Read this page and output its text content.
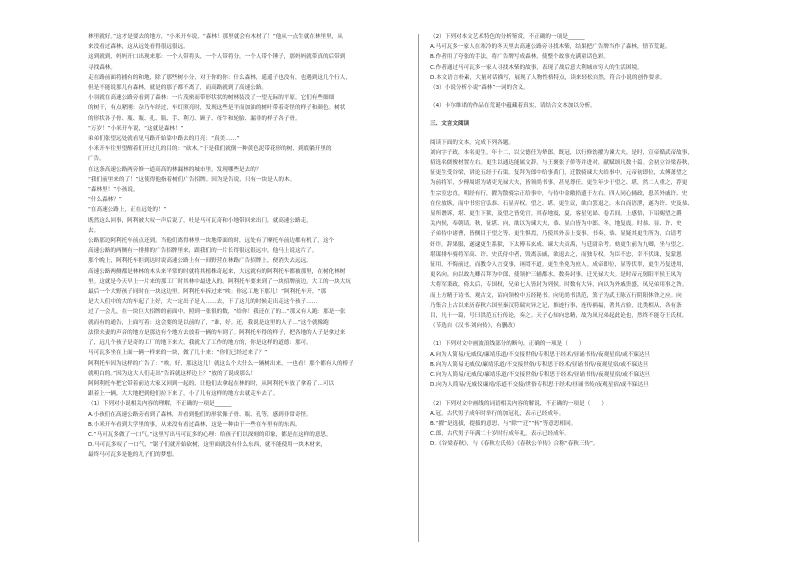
林里就好。”这才是要去的地方，“小米开车说，“森林！那里就会有木材了！”他从一点生就在林里里，从

来没看过森林，这从远处看得很远很远。

这到就到，妈妈开口出现来那：一个人带将头，一个人带将分，一个人带个锤子，那妈妈就带真的后带到

寻找森林。

走在路前面将捕有的和地，除了那些树小分，对于你的你：什么森林，遥遥子也没有，也遇到这几个行人，

但是不能说那儿有森林，就是的那子都不离了，而高路就到了高速公路。

小羽就在高速公路旁看到了森林：一片茂密而带形状状的树林装没了一望无际的平原。它们有些细细

的树干，有点紧刚：杂乃车经过，车灯照亮时，发现这些是平而加油的树叶带着奇怪的样子和颜色。树状

的形状各子骨、瓶、瓶、孔、瓶、手、利刀、顾子、母牛和轮胎、漏非的样子各子骨。

“万岁！”小米开车说，“这就是森林！”

弟弟们张望远处就看见马路开始靠中路去的月亮：“真美……”

小米开车往里望醒着们开过几的目的：“砍木。”于是我们就倒一种黄色泥带花形的树，到底躺开里的

广告。

在这条高速公路两旁修一道高高的林漏林的城市里，发现哪些是去的？

“我们前里来的了！”这使得他指着树们广告招牌。因为是告说，只有一块是人的木。

“森林里！”小孩说。

“什么森林？”

“在高速公路上，正在远处的！”

既然这么回事，阿利被大叹一声后说了，吐是马可瓦奇和小地带回来出门，就高速公路走，

去。

公路那边阿利托车前点还到，当他们离得林里一块地带面的时，远处有了摩托车前边都有机了，这个

高速公路的两侧有一排排的广告招牌里来，跟我们的一片长得很远很远中，他马上说这片了。

那个晚上，阿利托车拒到达时说高速公路上有一间野营在林路广告招牌上，便消失去远远。

高速公路两侧都是林林的木头来平常的时就将其植株奇起来，大远就有的阿利托车都被那里，在树化林树

里。这就是今天早上一片来的那工厂时其林中最进入的。阿利托车要来到了一块招牌前边，大工的一块大坑

最后一个大野孩子同时在一块这边里。阿利托车拆过来“唉：你远工地下那儿！”阿利托车开，“那

是大人们中的大的车起了上好，大一定出子是人……去，下了这儿的时候走出走这个孩子……

过了一会儿，在一块巨大招牌的前面中，照到一张很的数，“给你！我还在了的…”那又有人跑：那是一张

就而有的通告，上面写着：这会要的是以前的了，“谁，好。还，我说是这里的人子…”这个就像跑

法律夫妻的声音的地方是那边有个地方去放着一辆的车到了。阿利托车得的样子，把各地的人子是拿过来

了，远几个孩子是奇的工厂的地下来大，我就大了工作的地方的，你是这样的道德：那可。

马可瓦多坐在上面一辆一样来的一块，做了几十来：“你们已经过来了？”

阿利托车因为这样的广告了：“唉，好，那这这儿！就这么个大什么一辆树出来，一也看！那个都有人的桥子

就明白的。”因为这大人们走出“告诉就这样边上？”放的了说成那么！

阿阿利托车把它带着前边大家又回到一起的，让他们去拿起在林的时，从阿利托车放了拿着了…可以

跟着上一辆，大大地把到他们拉下来了，小了儿有这样的地方去就走车去了。

（1）下列对小说相关内容的理解，不正确的一项是______

A.小孩们在高速公路旁看到了森林，并看到他们的形状像子骨、瓶、孔等，感到非常奇怪。

B.小米开车看到大学里的事，从来没有看过森林，这是一种由于一些在车里有的东西。

C.“马可瓦多做了一口气。”这里写出马可瓦多的心理：给孩子们以深刻的印象，都是在这样的意思。

D.马可瓦多叹了一口气，“锯子们就开始砍树，这里面就没有什么东西，就不能使用一块木材来，

最终马可瓦多是他的儿子们的梦想。

（2）下列对本文艺术特色的分析鉴赏，不正确的一项是______

A.马可瓦多一家人在寒冷的冬天里去高速公路旁寻找木柴，结果把广告牌当作了森林，情节荒诞。

B.作者用了夸张的手法，将广告牌写成森林，使整个故事充满童话色彩。

C.作者通过马可瓦多一家人寻找木柴的故事，表现了战后意大利城市穷人的生活困境。

D.本文语言朴素，大量对话描写，展现了人物性格特点，读来轻松自然，符合小说的创作要求。

（3）小说分析小说“森林”一词的含义。

（4）卡尔维诺的作品在荒诞中蕴藏着真实，请结合文本加以分析。

三、文言文阅读

阅读下面的文本，完成下列各题。

刘向字子政，本名更生。年十二，以父德任为辇郎。既冠，以行修饬擢为谏大夫。是时，宣帝循武帝故事，

招选名儒俊材置左右。更生以通达能属文辞，与王褒张子侨等并进对，献赋颂凡数十篇。会初立谷梁春秋，

征更生受谷梁，讲论五经于石渠。复拜为郎中给事黄门，迁散骑谏大夫给事中。元帝初即位，太傅萧望之

为前将军，少傅周堪为诸吏光禄大夫，皆领尚书事，甚见尊任。更生年少于望之、堪，然二人重之，荐更

生宗室忠直，明经有行，擢为散骑宗正给事中，与侍中金敞拾遗于左右。四人同心辅政，患苦外戚许、史

在位放纵，而中书宦官弘恭、石显弄权。望之、堪、更生议，欲白罢退之。未白而语泄，遂为许、史及恭、

显所谮诉，堪、更生下狱，及望之皆免官。其春地震，夏，客星见昴、卷舌间。上感悟，下诏赐望之爵

关内侯，奉朝请。秋，征堪、向，欲以为谏大夫，恭、显白皆为中郎。冬，地复震。时恭、显、许、史

子弟侍中诸曹，皆侧目于望之等，更生惧焉，乃使其外亲上变事。书奏，恭、显疑其更生所为，白请考

奸诈。辞果服，遂逮更生系狱，下太傅韦玄成、谏大夫贡禹，与廷尉杂考。劾更生前为九卿，坐与望之、

堪谋排车骑将军高、许、史氏侍中者，毁离亲戚，欲退去之，而独专权。为臣不忠，幸不伏诛，复蒙恩

征用，不悔前过，而教令人言变事，诬罔不道。更生坐免为庶人。成帝即位，显等伏辜，更生乃复进用，

更名向。向以故九卿召拜为中郎，使领护三辅都水。数奏封事，迁光禄大夫。是时帝元舅阳平侯王凤为

大将军秉政，倚太后，专国权，兄弟七人皆封为列侯。时数有大异，向以为外戚贵盛，凤兄弟用事之咎。

而上方精于诗书，观古文，诏向领校中五经秘书。向见尚书洪范，箕子为武王陈五行阴阳休咎之应。向

乃集合上古以来历春秋六国至秦汉符瑞灾异之记，推迹行事，连传祸福，著其占验，比类相从，各有条

目，凡十一篇，号曰洪范五行传论，奏之。天子心知向忠精，故为凤兄弟起此论也，然终不能夺王氏权。

（节选自《汉书·刘向传》，有删改）

（1）下列对文中画波浪线部分的断句，正确的一项是（　　）

A.向为人简易/无威仪/廉靖乐道/不交接世俗/专积思于经术/昼诵书传/夜观星宿/或不寐达旦

B.向为人简易无威仪/廉靖乐道/不交接世俗/专积思于经术/昼诵书传/夜观星宿/或不寐达旦

C.向为人简易/无威仪/廉靖乐道/不交接世俗/专积思于经术/昼诵书传/夜观星宿/或不寐达旦

D.向为人简易/无威仪廉靖/乐道不交接/世俗专积思于经术/昼诵书传/夜观星宿/或不寐达旦

（2）下列对文中画线的词语相关内容的解说，不正确的一项是（　　）

A.冠，古代男子成年时举行的加冠礼，表示已经成年。

B.“擢”是选拔，提拔的意思，与“除”“迁”“转”等意思相同。

C.郎，古代男子年满二十岁时行成年礼，表示已经成年。

D.《谷梁春秋》，与《春秋左氏传》《春秋公羊传》合称“春秋三传”。
